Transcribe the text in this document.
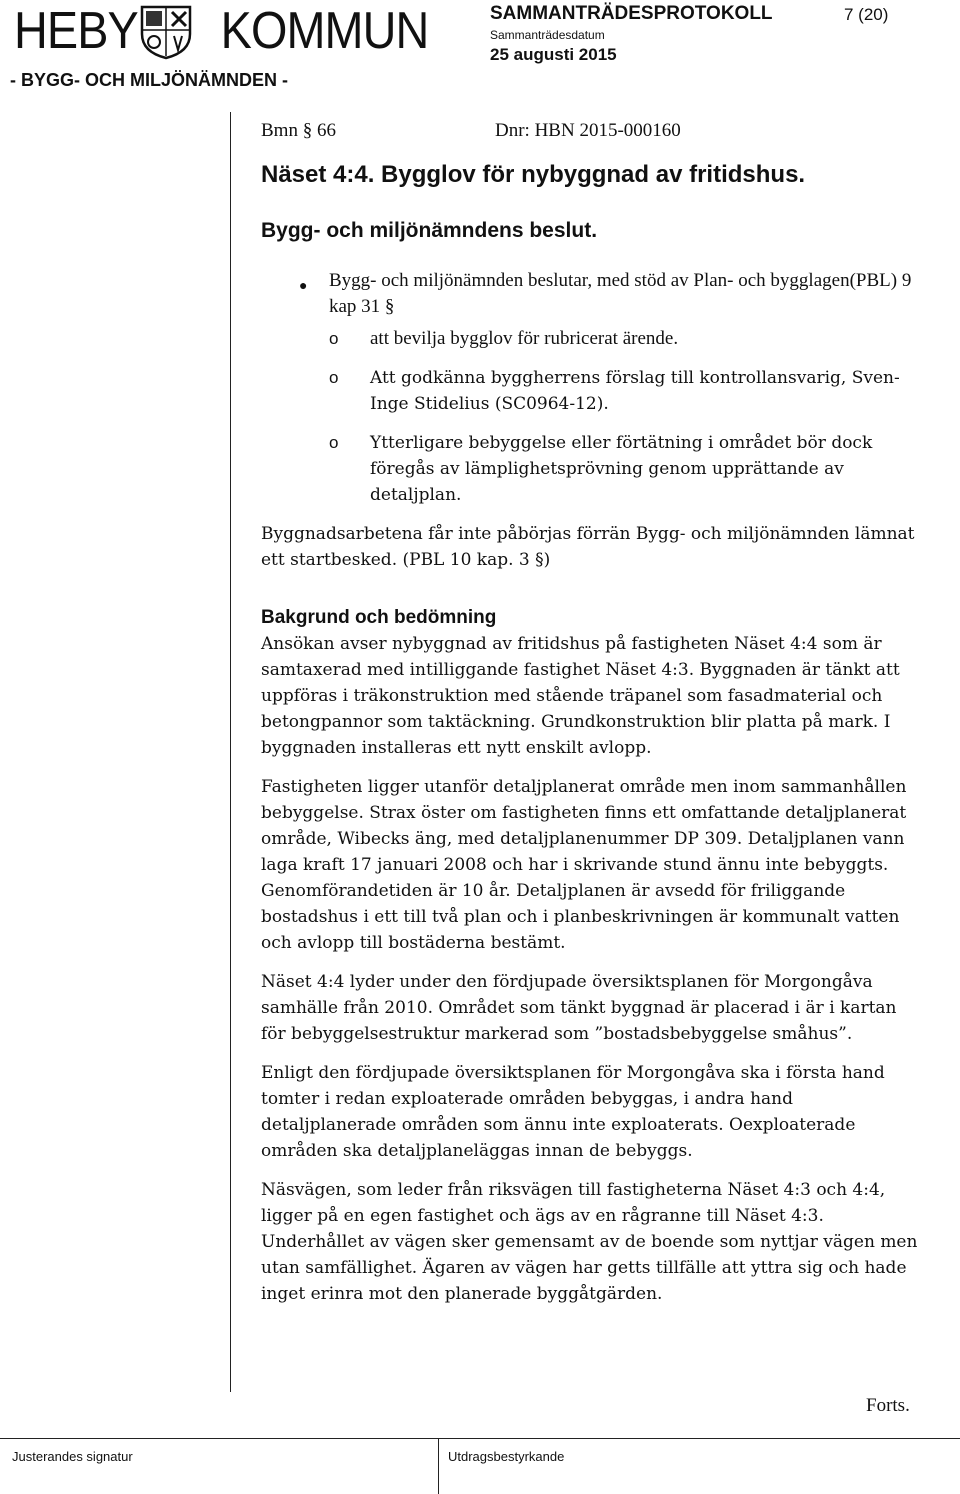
HEBY KOMMUN
- BYGG- OCH MILJÖNÄMNDEN -
SAMMANTRÄDESPROTOKOLL	7 (20)
Sammanträdesdatum
25 augusti 2015
Bmn § 66	Dnr: HBN 2015-000160
Näset 4:4. Bygglov för nybyggnad av fritidshus.
Bygg- och miljönämndens beslut.
● Bygg- och miljönämnden beslutar, med stöd av Plan- och bygglagen(PBL) 9 kap 31 §
o att bevilja bygglov för rubricerat ärende.
o Att godkänna byggherrens förslag till kontrollansvarig, Sven-Inge Stidelius (SC0964-12).
o Ytterligare bebyggelse eller förtätning i området bör dock föregås av lämplighetsprövning genom upprättande av detaljplan.
Byggnadsarbetena får inte påbörjas förrän Bygg- och miljönämnden lämnat ett startbesked. (PBL 10 kap. 3 §)
Bakgrund och bedömning
Ansökan avser nybyggnad av fritidshus på fastigheten Näset 4:4 som är samtaxerad med intilliggande fastighet Näset 4:3. Byggnaden är tänkt att uppföras i träkonstruktion med stående träpanel som fasadmaterial och betongpannor som taktäckning. Grundkonstruktion blir platta på mark. I byggnaden installeras ett nytt enskilt avlopp.
Fastigheten ligger utanför detaljplanerat område men inom sammanhållen bebyggelse. Strax öster om fastigheten finns ett omfattande detaljplanerat område, Wibecks äng, med detaljplanenummer DP 309. Detaljplanen vann laga kraft 17 januari 2008 och har i skrivande stund ännu inte bebyggts. Genomförandetiden är 10 år. Detaljplanen är avsedd för friliggande bostadshus i ett till två plan och i planbeskrivningen är kommunalt vatten och avlopp till bostäderna bestämt.
Näset 4:4 lyder under den fördjupade översiktsplanen för Morgongåva samhälle från 2010. Området som tänkt byggnad är placerad i är i kartan för bebyggelsestruktur markerad som ”bostadsbebyggelse småhus”.
Enligt den fördjupade översiktsplanen för Morgongåva ska i första hand tomter i redan exploaterade områden bebyggas, i andra hand detaljplanerade områden som ännu inte exploaterats. Oexploaterade områden ska detaljplaneläggas innan de bebyggs.
Näsvägen, som leder från riksvägen till fastigheterna Näset 4:3 och 4:4, ligger på en egen fastighet och ägs av en rågranne till Näset 4:3. Underhållet av vägen sker gemensamt av de boende som nyttjar vägen men utan samfällighet. Ägaren av vägen har getts tillfälle att yttra sig och hade inget erinra mot den planerade byggåtgärden.
Forts.
Justerandes signatur	Utdragsbestyrkande
